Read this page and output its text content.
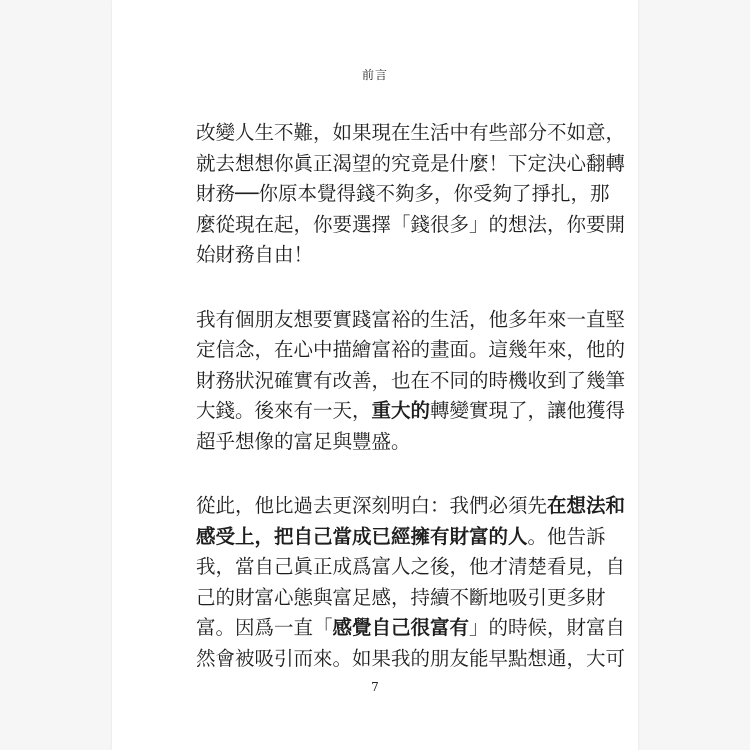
前言
改變人生不難，如果現在生活中有些部分不如意，
就去想想你眞正渴望的究竟是什麼！下定決心翻轉
財務──你原本覺得錢不夠多，你受夠了掙扎，那
麼從現在起，你要選擇「錢很多」的想法，你要開
始財務自由！
我有個朋友想要實踐富裕的生活，他多年來一直堅
定信念，在心中描繪富裕的畫面。這幾年來，他的
財務狀況確實有改善，也在不同的時機收到了幾筆
大錢。後來有一天，重大的轉變實現了，讓他獲得
超乎想像的富足與豐盛。
從此，他比過去更深刻明白：我們必須先在想法和
感受上，把自己當成已經擁有財富的人。他告訴
我，當自己眞正成爲富人之後，他才清楚看見，自
己的財富心態與富足感，持續不斷地吸引更多財
富。因爲一直「感覺自己很富有」的時候，財富自
然會被吸引而來。如果我的朋友能早點想通，大可
7
